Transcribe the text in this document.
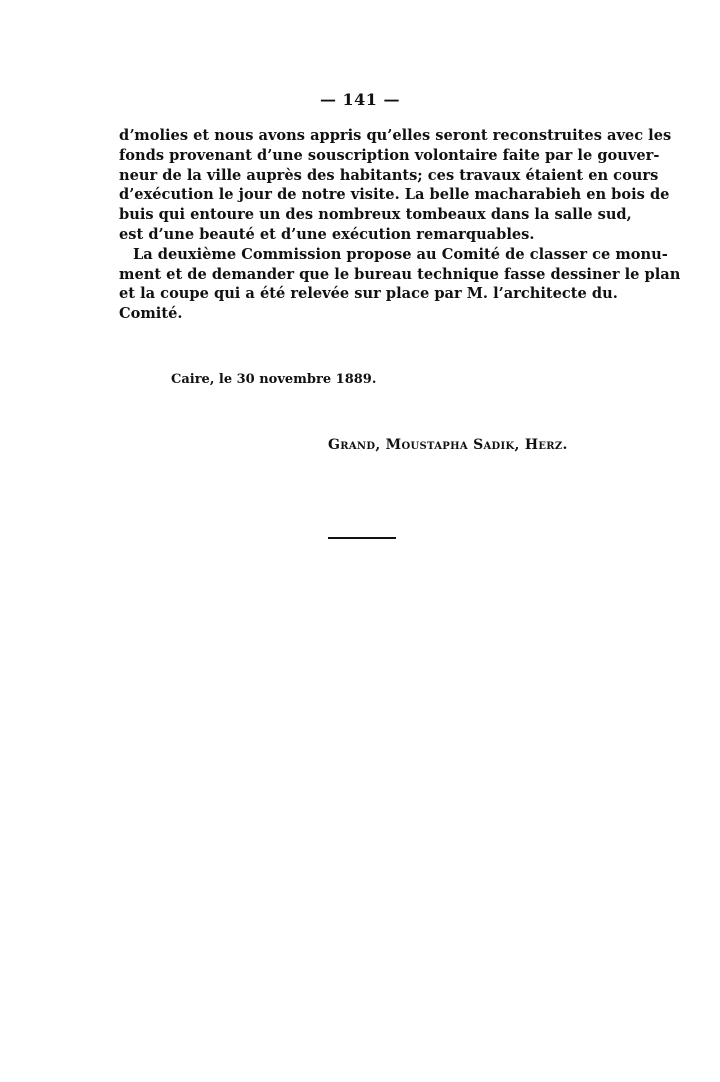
— 141 —
dʼmolies et nous avons appris qu’elles seront reconstruites avec les
fonds provenant d’une souscription volontaire faite par le gouver-
neur de la ville auprès des habitants; ces travaux étaient en cours
d’exécution le jour de notre visite. La belle macharabieh en bois de
buis qui entoure un des nombreux tombeaux dans la salle sud,
est d’une beauté et d’une exécution remarquables.
La deuxième Commission propose au Comité de classer ce monu-
ment et de demander que le bureau technique fasse dessiner le plan
et la coupe qui a été relevée sur place par M. l’architecte du.
Comité.
Caire, le 30 novembre 1889.
Grand, Moustapha Sadik, Herz.
